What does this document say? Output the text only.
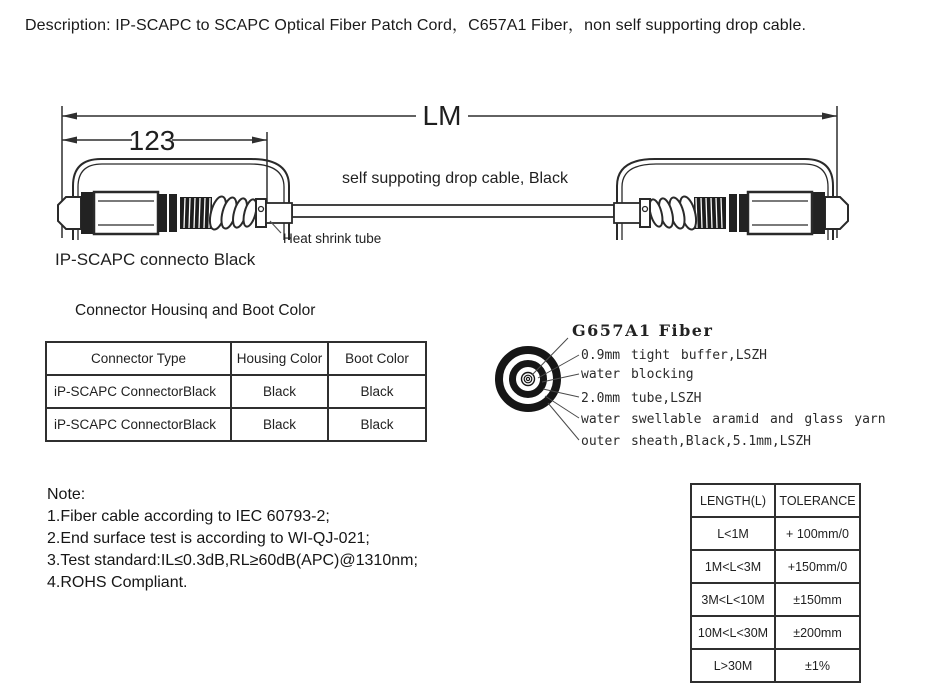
Description: IP-SCAPC to SCAPC Optical Fiber Patch Cord，C657A1 Fiber，non self supporting drop cable.
LM
123
self suppoting drop cable, Black
Heat shrink tube
IP-SCAPC connecto Black
Connector Housinq and Boot Color
Connector Type	Housing Color	Boot Color
iP-SCAPC ConnectorBlack	Black	Black
iP-SCAPC ConnectorBlack	Black	Black
G657A1 Fiber
0.9mm tight buffer,LSZH
water blocking
2.0mm tube,LSZH
water swellable aramid and glass yarn
outer sheath,Black,5.1mm,LSZH
Note:
1.Fiber cable according to IEC 60793-2;
2.End surface test is according to WI-QJ-021;
3.Test standard:IL≤0.3dB,RL≥60dB(APC)@1310nm;
4.ROHS Compliant.
LENGTH(L)	TOLERANCE
L<1M	+ 100mm/0
1M<L<3M	+150mm/0
3M<L<10M	±150mm
10M<L<30M	±200mm
L>30M	±1%
